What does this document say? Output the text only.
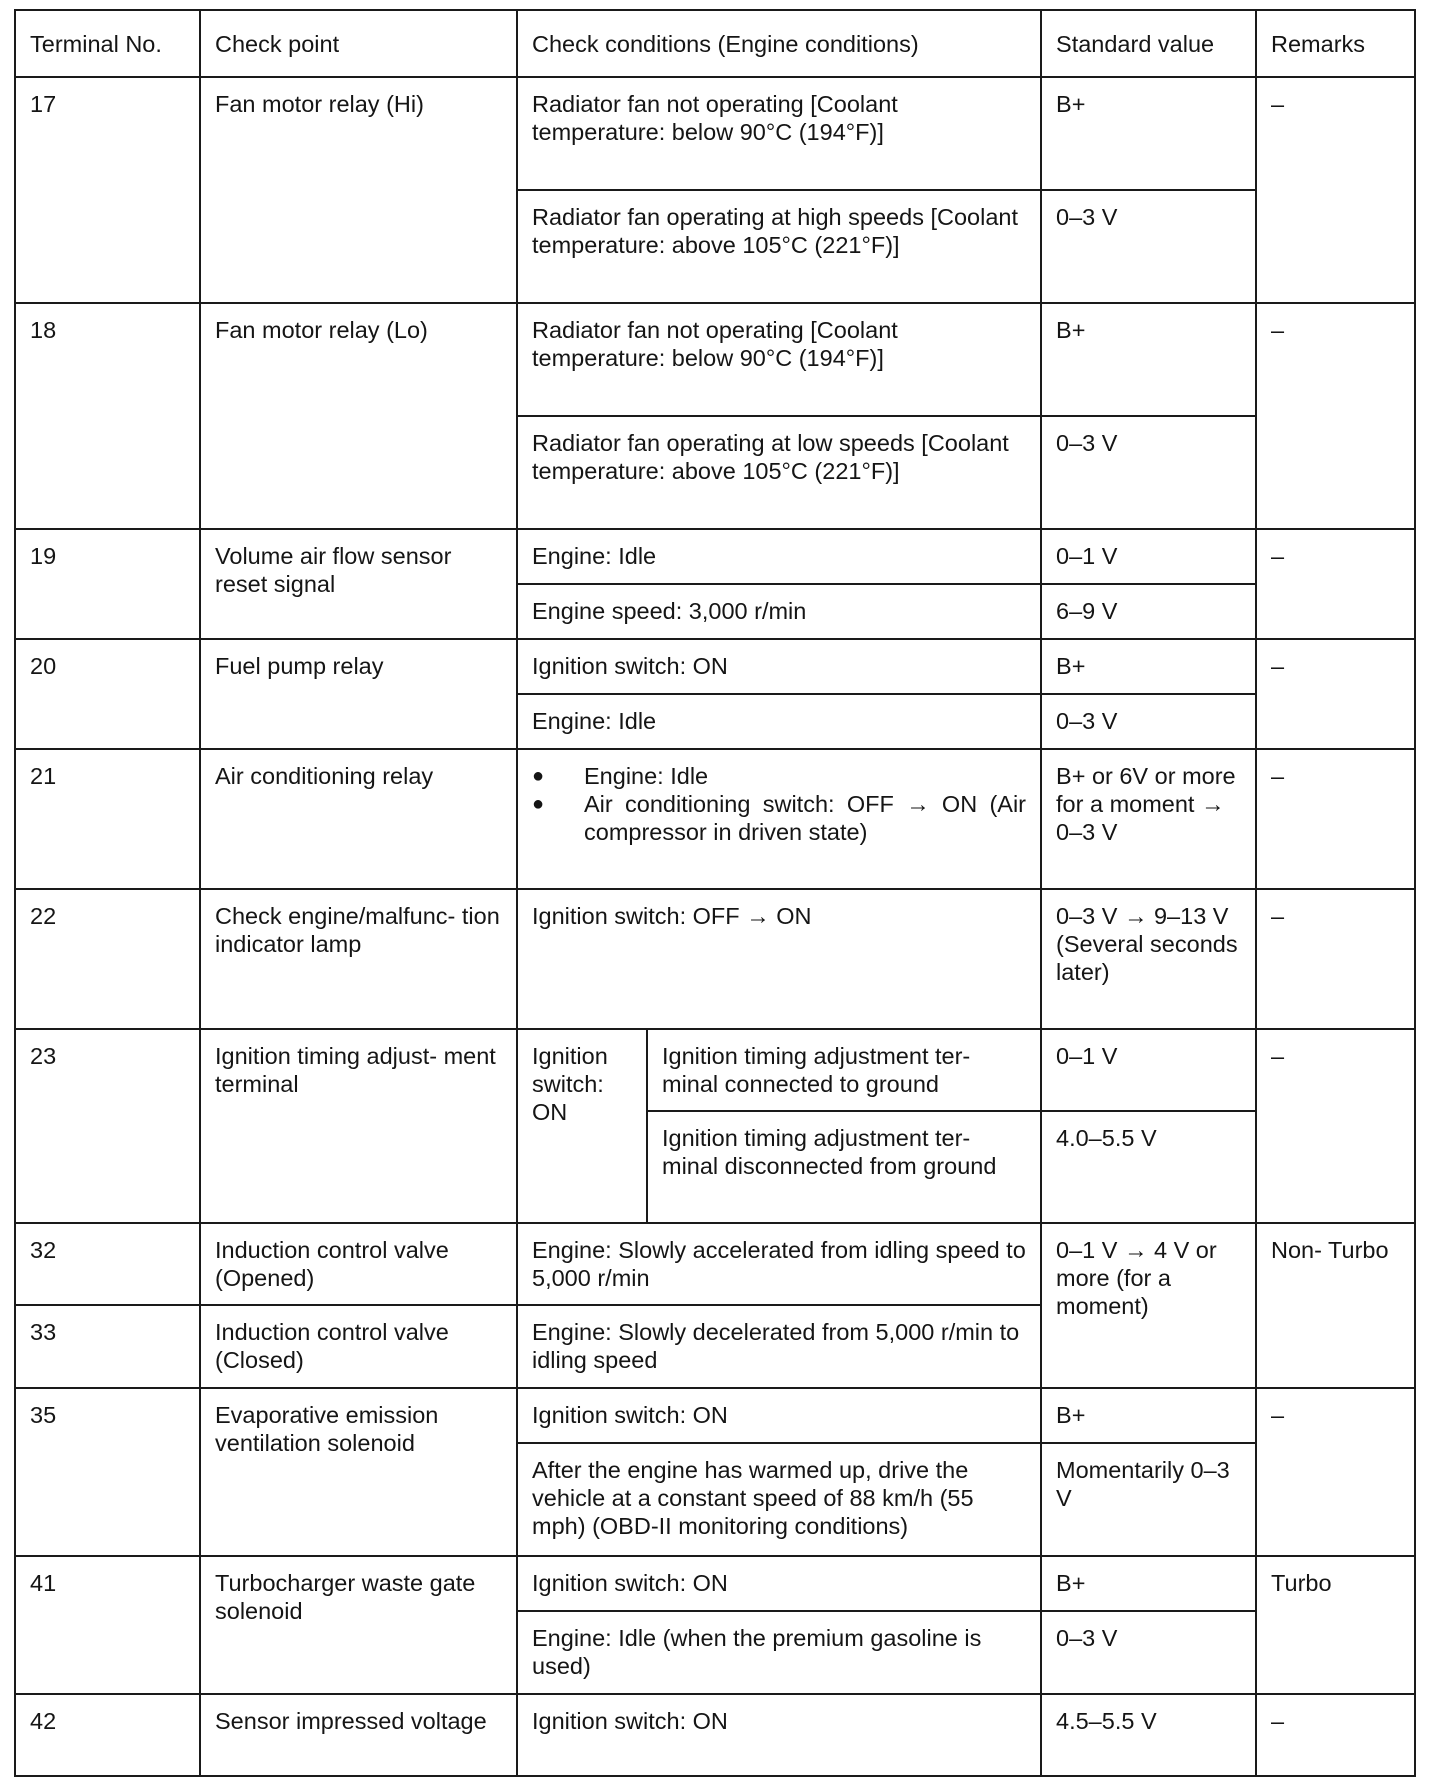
Terminal No.	Check point	Check conditions (Engine conditions)		Standard value	Remarks
17	Fan motor relay (Hi)	Radiator fan not operating [Coolant temperature: below 90°C (194°F)]		B+	–
		Radiator fan operating at high speeds [Coolant temperature: above 105°C (221°F)]		0–3 V	
18	Fan motor relay (Lo)	Radiator fan not operating [Coolant temperature: below 90°C (194°F)]		B+	–
		Radiator fan operating at low speeds [Coolant temperature: above 105°C (221°F)]		0–3 V	
19	Volume air flow sensor reset signal	Engine: Idle		0–1 V	–
		Engine speed: 3,000 r/min		6–9 V	
20	Fuel pump relay	Ignition switch: ON		B+	–
		Engine: Idle		0–3 V	
21	Air conditioning relay	● Engine: Idle
● Air conditioning switch: OFF → ON (Air compressor in driven state)		B+ or 6V or more for a moment → 0–3 V	–
22	Check engine/malfunc- tion indicator lamp	Ignition switch: OFF → ON		0–3 V → 9–13 V (Several seconds later)	–
23	Ignition timing adjust- ment terminal	Ignition switch: ON	Ignition timing adjustment ter- minal connected to ground	0–1 V	–
			Ignition timing adjustment ter- minal disconnected from ground	4.0–5.5 V	
32	Induction control valve (Opened)	Engine: Slowly accelerated from idling speed to 5,000 r/min		0–1 V → 4 V or more (for a moment)	Non- Turbo
33	Induction control valve (Closed)	Engine: Slowly decelerated from 5,000 r/min to idling speed			
35	Evaporative emission ventilation solenoid	Ignition switch: ON		B+	–
		After the engine has warmed up, drive the vehicle at a constant speed of 88 km/h (55 mph) (OBD-II monitoring conditions)		Momentarily 0–3 V	
41	Turbocharger waste gate solenoid	Ignition switch: ON		B+	Turbo
		Engine: Idle (when the premium gasoline is used)		0–3 V	
42	Sensor impressed voltage	Ignition switch: ON		4.5–5.5 V	–
